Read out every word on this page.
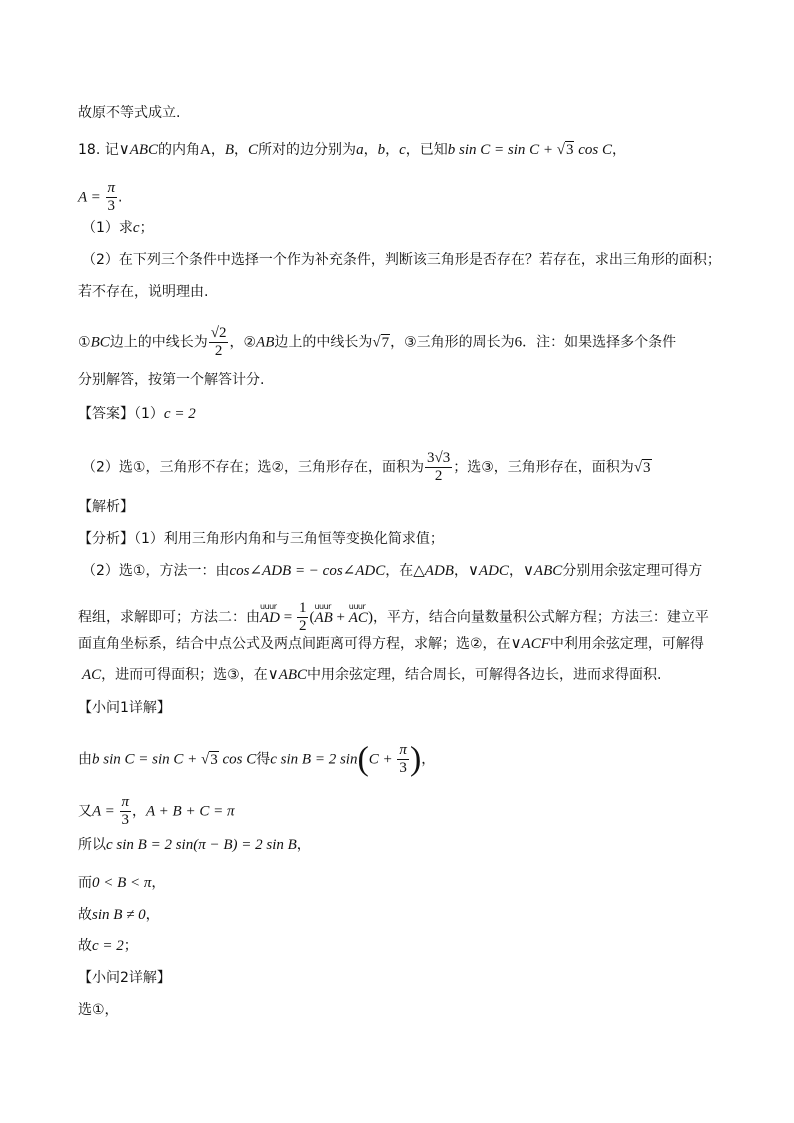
故原不等式成立.
18. 记∨ABC的内角A，B，C所对的边分别为a，b，c，已知b sin C = sin C + √3 cos C，
$A = \frac{\pi}{3}$ .
（1）求c；
（2）在下列三个条件中选择一个作为补充条件，判断该三角形是否存在？若存在，求出三角形的面积；
若不存在，说明理由.
①BC边上的中线长为 $\frac{√2}{2}$ ，②AB边上的中线长为√7，③三角形的周长为6．注：如果选择多个条件
分别解答，按第一个解答计分.
【答案】（1）c = 2
（2）选①，三角形不存在；选②，三角形存在，面积为 $\frac{3√3}{2}$ ；选③，三角形存在，面积为√3
【解析】
【分析】（1）利用三角形内角和与三角恒等变换化简求值；
（2）选①，方法一：由cos∠ADB = − cos∠ADC，在△ADB，∨ADC，∨ABC分别用余弦定理可得方
程组，求解即可；方法二：由uuur AD = $\frac{1}{2}$ (uuur AB + uuur AC)，平方，结合向量数量积公式解方程；方法三：建立平
面直角坐标系，结合中点公式及两点间距离可得方程，求解；选②，在∨ACF中利用余弦定理，可解得
AC，进而可得面积；选③，在∨ABC中用余弦定理，结合周长，可解得各边长，进而求得面积.
【小问1详解】
由b sin C = sin C + √3 cos C得c sin B = 2 $\sin(C + \frac{\pi}{3}$ )，
又$A = \frac{\pi}{3}$ ，A + B + C = π
所以c sin B = 2 sin(π − B) = 2 sin B，
而0 < B < π，
故sin B ≠ 0，
故c = 2；
【小问2详解】
选①，
